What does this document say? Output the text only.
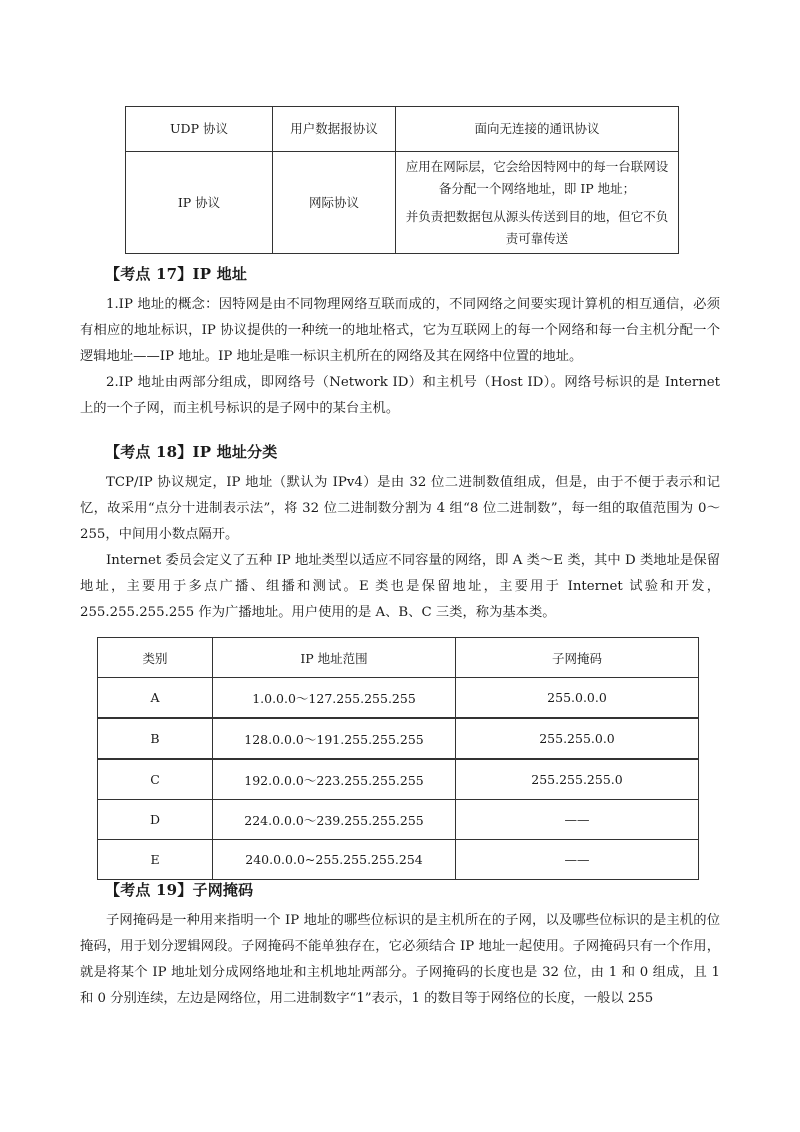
UDP 协议	用户数据报协议	面向无连接的通讯协议

IP 协议	网际协议	应用在网际层，它会给因特网中的每一台联网设备分配一个网络地址，即 IP 地址；

并负责把数据包从源头传送到目的地，但它不负责可靠传送

【考点 17】IP 地址

1.IP 地址的概念：因特网是由不同物理网络互联而成的，不同网络之间要实现计算机的相互通信，必须有相应的地址标识，IP 协议提供的一种统一的地址格式，它为互联网上的每一个网络和每一台主机分配一个逻辑地址——IP 地址。IP 地址是唯一标识主机所在的网络及其在网络中位置的地址。

2.IP 地址由两部分组成，即网络号（Network ID）和主机号（Host ID）。网络号标识的是 Internet 上的一个子网，而主机号标识的是子网中的某台主机。

【考点 18】IP 地址分类

TCP/IP 协议规定，IP 地址（默认为 IPv4）是由 32 位二进制数值组成，但是，由于不便于表示和记忆，故采用“点分十进制表示法”，将 32 位二进制数分割为 4 组“8 位二进制数”，每一组的取值范围为 0～255，中间用小数点隔开。

Internet 委员会定义了五种 IP 地址类型以适应不同容量的网络，即 A 类～E 类，其中 D 类地址是保留地址，主要用于多点广播、组播和测试。E 类也是保留地址，主要用于 Internet 试验和开发，255.255.255.255 作为广播地址。用户使用的是 A、B、C 三类，称为基本类。

类别	IP 地址范围	子网掩码
A	1.0.0.0～127.255.255.255	255.0.0.0
B	128.0.0.0～191.255.255.255	255.255.0.0
C	192.0.0.0～223.255.255.255	255.255.255.0
D	224.0.0.0～239.255.255.255	——
E	240.0.0.0~255.255.255.254	——
【考点 19】子网掩码

子网掩码是一种用来指明一个 IP 地址的哪些位标识的是主机所在的子网，以及哪些位标识的是主机的位掩码，用于划分逻辑网段。子网掩码不能单独存在，它必须结合 IP 地址一起使用。子网掩码只有一个作用，就是将某个 IP 地址划分成网络地址和主机地址两部分。子网掩码的长度也是 32 位，由 1 和 0 组成，且 1 和 0 分别连续，左边是网络位，用二进制数字“1”表示，1 的数目等于网络位的长度，一般以 255
